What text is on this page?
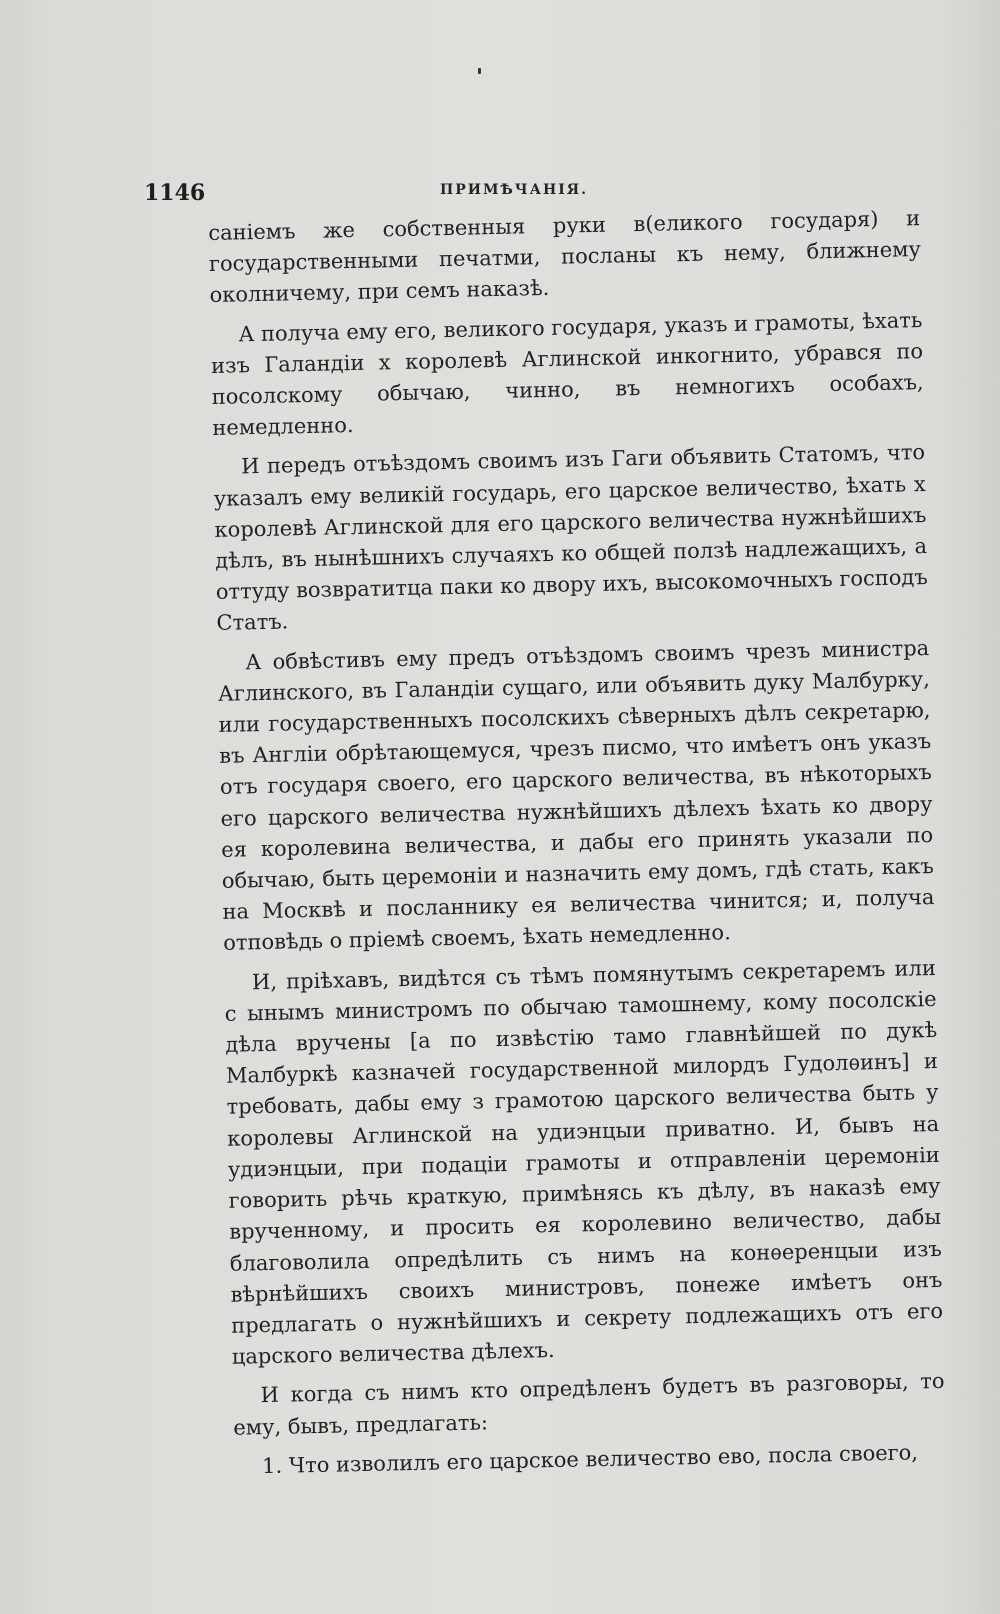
1146	ПРИМѢЧАНІЯ.

саніемъ же собственныя руки в(еликого государя) и государственными печатми, посланы къ нему, ближнему околничему, при семъ наказѣ.

А получа ему его, великого государя, указъ и грамоты, ѣхать изъ Галандіи х королевѣ Аглинской инкогнито, убрався по посолскому обычаю, чинно, въ немногихъ особахъ, немедленно.

И передъ отъѣздомъ своимъ изъ Гаги объявить Статомъ, что указалъ ему великій государь, его царское величество, ѣхать х королевѣ Аглинской для его царского величества нужнѣйшихъ дѣлъ, въ нынѣшнихъ случаяхъ ко общей ползѣ надлежащихъ, а оттуду возвратитца паки ко двору ихъ, высокомочныхъ господъ Статъ.

А обвѣстивъ ему предъ отъѣздомъ своимъ чрезъ министра Аглинского, въ Галандіи сущаго, или объявить дуку Малбурку, или государственныхъ посолскихъ сѣверныхъ дѣлъ секретарю, въ Англіи обрѣтающемуся, чрезъ писмо, что имѣетъ онъ указъ отъ государя своего, его царского величества, въ нѣкоторыхъ его царского величества нужнѣйшихъ дѣлехъ ѣхать ко двору ея королевина величества, и дабы его принять указали по обычаю, быть церемоніи и назначить ему домъ, гдѣ стать, какъ на Москвѣ и посланнику ея величества чинится; и, получа отповѣдь о пріемѣ своемъ, ѣхать немедленно.

И, пріѣхавъ, видѣтся съ тѣмъ помянутымъ секретаремъ или с ынымъ министромъ по обычаю тамошнему, кому посолскіе дѣла вручены [а по извѣстію тамо главнѣйшей по дукѣ Малбуркѣ казначей государственной милордъ Гудолѳинъ] и требовать, дабы ему з грамотою царского величества быть у королевы Аглинской на удиэнцыи приватно. И, бывъ на удиэнцыи, при подаціи грамоты и отправленіи церемоніи говорить рѣчь краткую, примѣнясь къ дѣлу, въ наказѣ ему врученному, и просить ея королевино величество, дабы благоволила опредѣлить съ нимъ на конѳеренцыи изъ вѣрнѣйшихъ своихъ министровъ, понеже имѣетъ онъ предлагать о нужнѣйшихъ и секрету подлежащихъ отъ его царского величества дѣлехъ.

И когда съ нимъ кто опредѣленъ будетъ въ разговоры, то ему, бывъ, предлагать:

1. Что изволилъ его царское величество ево, посла своего,
